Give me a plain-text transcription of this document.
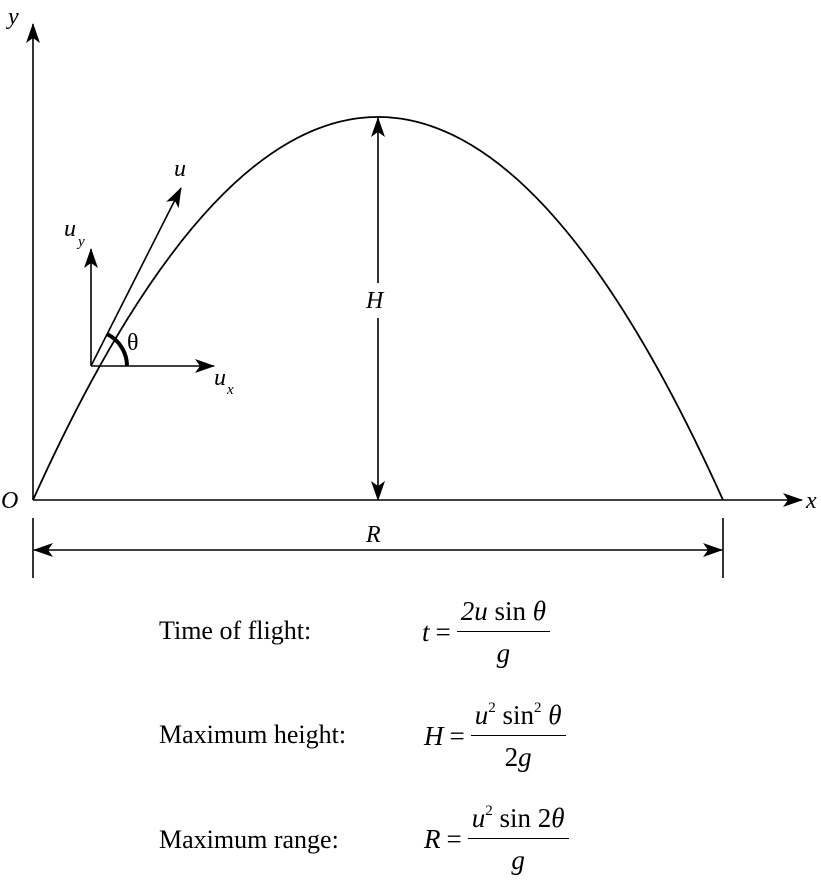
y
x
O
u
u y
u x
θ
H
R
Time of flight:	$t = \frac{\text{2u sin θ}}{g}$
Maximum height:	$H = \frac{u^2 \sin^2 \theta}{2g}$
Maximum range:	$R = \frac{u^2 \sin 2\theta}{g}$
